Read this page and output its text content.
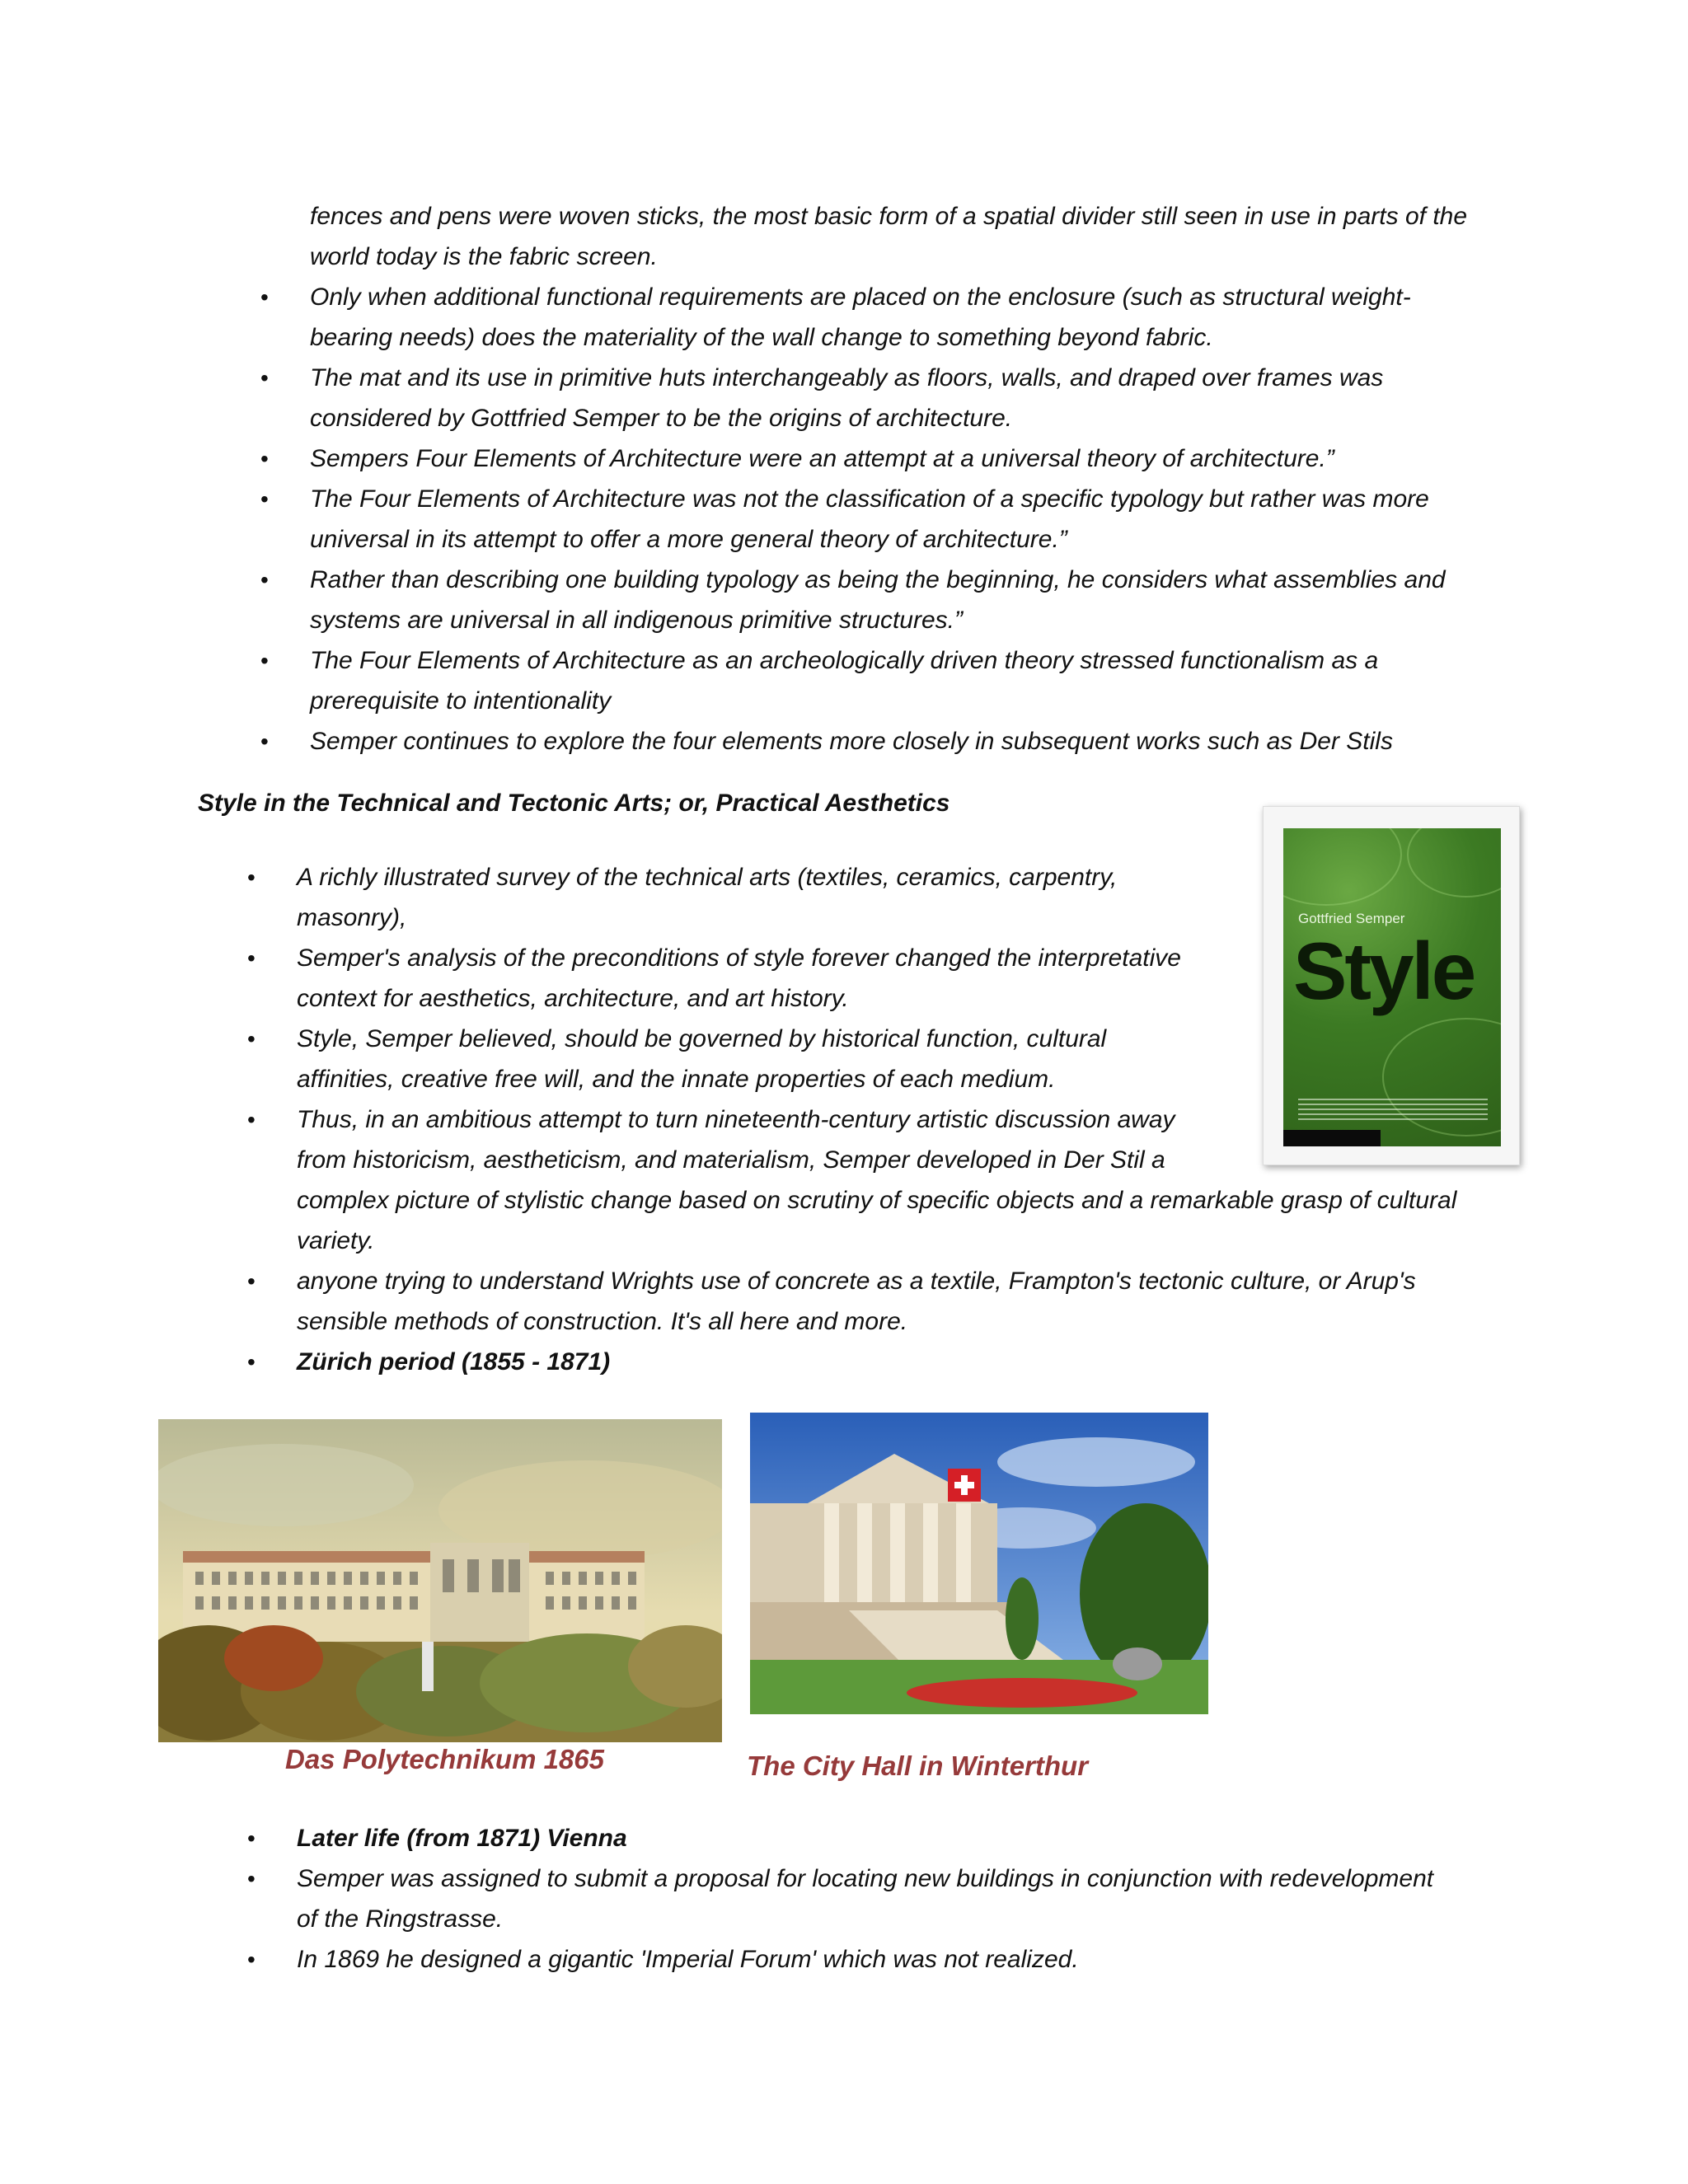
fences and pens were woven sticks, the most basic form of a spatial divider still seen in use in parts of the
world today is the fabric screen.
• Only when additional functional requirements are placed on the enclosure (such as structural weight-
bearing needs) does the materiality of the wall change to something beyond fabric.
• The mat and its use in primitive huts interchangeably as floors, walls, and draped over frames was
considered by Gottfried Semper to be the origins of architecture.
• Sempers Four Elements of Architecture were an attempt at a universal theory of architecture.”
• The Four Elements of Architecture was not the classification of a specific typology but rather was more
universal in its attempt to offer a more general theory of architecture.”
• Rather than describing one building typology as being the beginning, he considers what assemblies and
systems are universal in all indigenous primitive structures.”
• The Four Elements of Architecture as an archeologically driven theory stressed functionalism as a
prerequisite to intentionality
• Semper continues to explore the four elements more closely in subsequent works such as Der Stils
Style in the Technical and Tectonic Arts; or, Practical Aesthetics
Gottfried Semper
Style
• A richly illustrated survey of the technical arts (textiles, ceramics, carpentry,
masonry),
• Semper's analysis of the preconditions of style forever changed the interpretative
context for aesthetics, architecture, and art history.
• Style, Semper believed, should be governed by historical function, cultural
affinities, creative free will, and the innate properties of each medium.
• Thus, in an ambitious attempt to turn nineteenth-century artistic discussion away
from historicism, aestheticism, and materialism, Semper developed in Der Stil a
complex picture of stylistic change based on scrutiny of specific objects and a remarkable grasp of cultural
variety.
• anyone trying to understand Wrights use of concrete as a textile, Frampton's tectonic culture, or Arup's
sensible methods of construction. It's all here and more.
• Zürich period (1855 - 1871)
Das Polytechnikum 1865	The City Hall in Winterthur
• Later life (from 1871) Vienna
• Semper was assigned to submit a proposal for locating new buildings in conjunction with redevelopment
of the Ringstrasse.
• In 1869 he designed a gigantic 'Imperial Forum' which was not realized.
